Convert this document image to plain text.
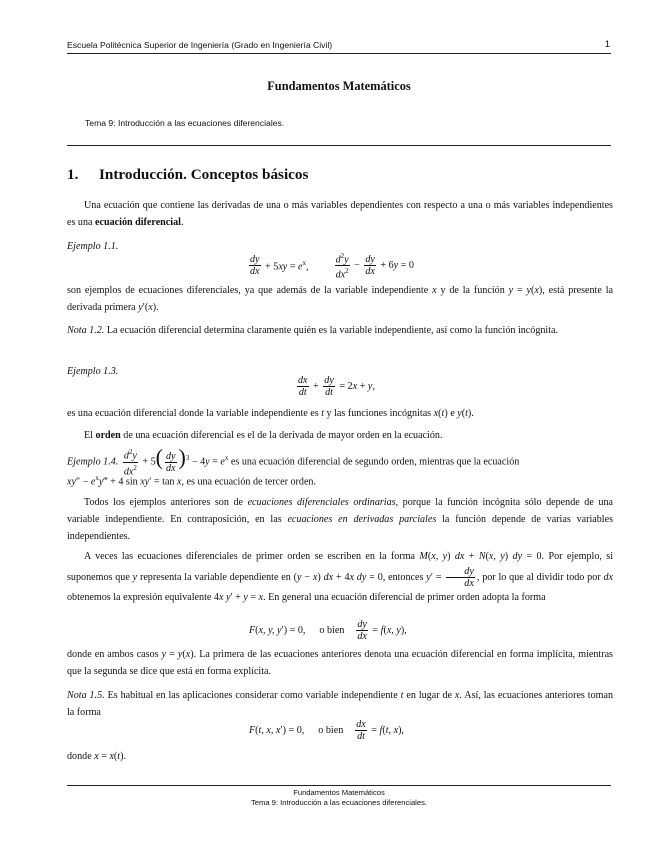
Escuela Politécnica Superior de Ingeniería (Grado en Ingeniería Civil)	1
Fundamentos Matemáticos
Tema 9: Introducción a las ecuaciones diferenciales.
1. Introducción. Conceptos básicos
Una ecuación que contiene las derivadas de una o más variables dependientes con respecto a una o más variables independientes es una ecuación diferencial.
Ejemplo 1.1.
$\frac{dy}{dx} + 5xy = e^x$,	$\frac{d^2y}{dx^2} - \frac{dy}{dx} + 6y = 0$
son ejemplos de ecuaciones diferenciales, ya que además de la variable independiente x y de la función y = y(x), está presente la derivada primera y′(x).
Nota 1.2. La ecuación diferencial determina claramente quién es la variable independiente, así como la función incógnita.
Ejemplo 1.3.
$\frac{dx}{dt} + \frac{dy}{dt} = 2x + y$,
es una ecuación diferencial donde la variable independiente es t y las funciones incógnitas x(t) e y(t).
El orden de una ecuación diferencial es el de la derivada de mayor orden en la ecuación.
Ejemplo 1.4. $\frac{d^2y}{dx^2} + 5( \frac{dy}{dx} )^3 - 4y = e^x$ es una ecuación diferencial de segundo orden, mientras que la ecuación
$xy'' - e^xy‴ + 4$ sin xy′ = tan x, es una ecuación de tercer orden.
Todos los ejemplos anteriores son de ecuaciones diferenciales ordinarias, porque la función incógnita sólo depende de una variable independiente. En contraposición, en las ecuaciones en derivadas parciales la función depende de varias variables independientes.
A veces las ecuaciones diferenciales de primer orden se escriben en la forma M(x, y) dx + N(x, y) dy = 0. Por ejemplo, si suponemos que y representa la variable dependiente en (y − x) dx + 4x dy = 0, entonces $y' = \frac{dy}{dx}$ , por lo que al dividir todo por dx obtenemos la expresión equivalente 4x y′ + y = x. En general una ecuación diferencial de primer orden adopta la forma
F(x, y, y′) = 0, o bien $\frac{dy}{dx} = f(x$, y),
donde en ambos casos y = y(x). La primera de las ecuaciones anteriores denota una ecuación diferencial en forma implícita, mientras que la segunda se dice que está en forma explícita.
Nota 1.5. Es habitual en las aplicaciones considerar como variable independiente t en lugar de x. Así, las ecuaciones anteriores toman la forma
F(t, x, x′) = 0, o bien $\frac{dx}{dt} = f(t$, x),
donde x = x(t).
Fundamentos Matemáticos
Tema 9: Introducción a las ecuaciones diferenciales.
